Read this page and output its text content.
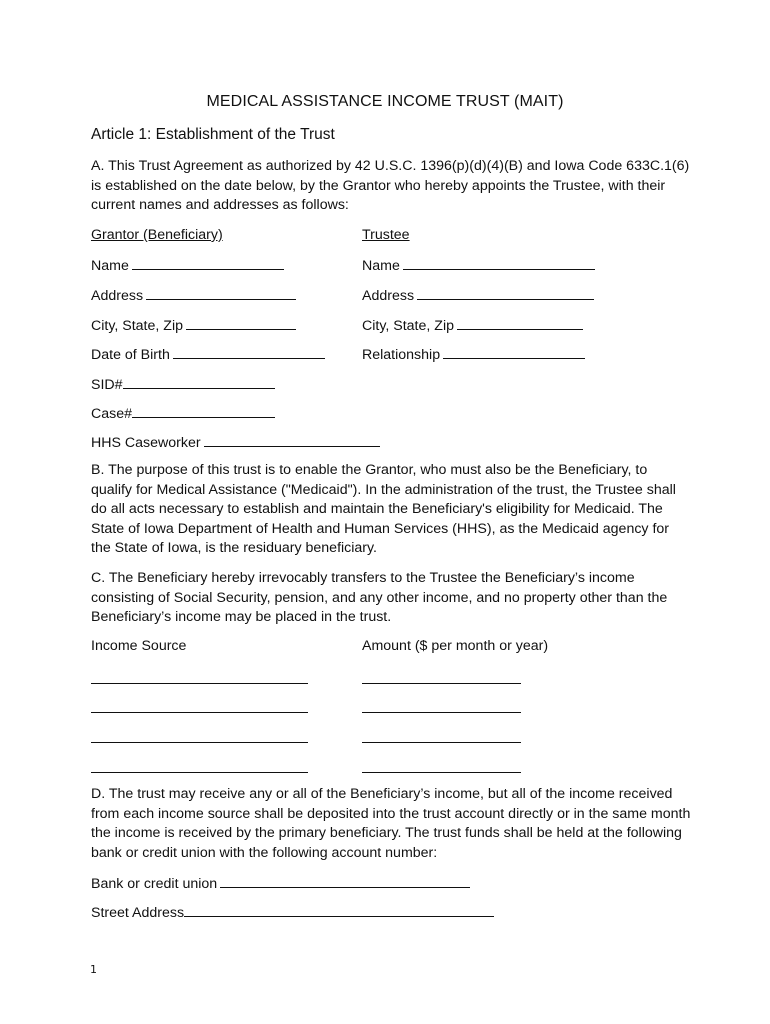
MEDICAL ASSISTANCE INCOME TRUST (MAIT)
Article 1: Establishment of the Trust

A. This Trust Agreement as authorized by 42 U.S.C. 1396(p)(d)(4)(B) and Iowa Code 633C.1(6) is established on the date below, by the Grantor who hereby appoints the Trustee, with their current names and addresses as follows:

Grantor (Beneficiary)	Trustee
Name	Name
Address	Address
City, State, Zip	City, State, Zip
Date of Birth	Relationship
SID#
Case#
HHS Caseworker

B. The purpose of this trust is to enable the Grantor, who must also be the Beneficiary, to qualify for Medical Assistance ("Medicaid"). In the administration of the trust, the Trustee shall do all acts necessary to establish and maintain the Beneficiary's eligibility for Medicaid. The State of Iowa Department of Health and Human Services (HHS), as the Medicaid agency for the State of Iowa, is the residuary beneficiary.

C. The Beneficiary hereby irrevocably transfers to the Trustee the Beneficiary’s income consisting of Social Security, pension, and any other income, and no property other than the Beneficiary’s income may be placed in the trust.

Income Source	Amount ($ per month or year)

D. The trust may receive any or all of the Beneficiary’s income, but all of the income received from each income source shall be deposited into the trust account directly or in the same month the income is received by the primary beneficiary. The trust funds shall be held at the following bank or credit union with the following account number:

Bank or credit union
Street Address
1
